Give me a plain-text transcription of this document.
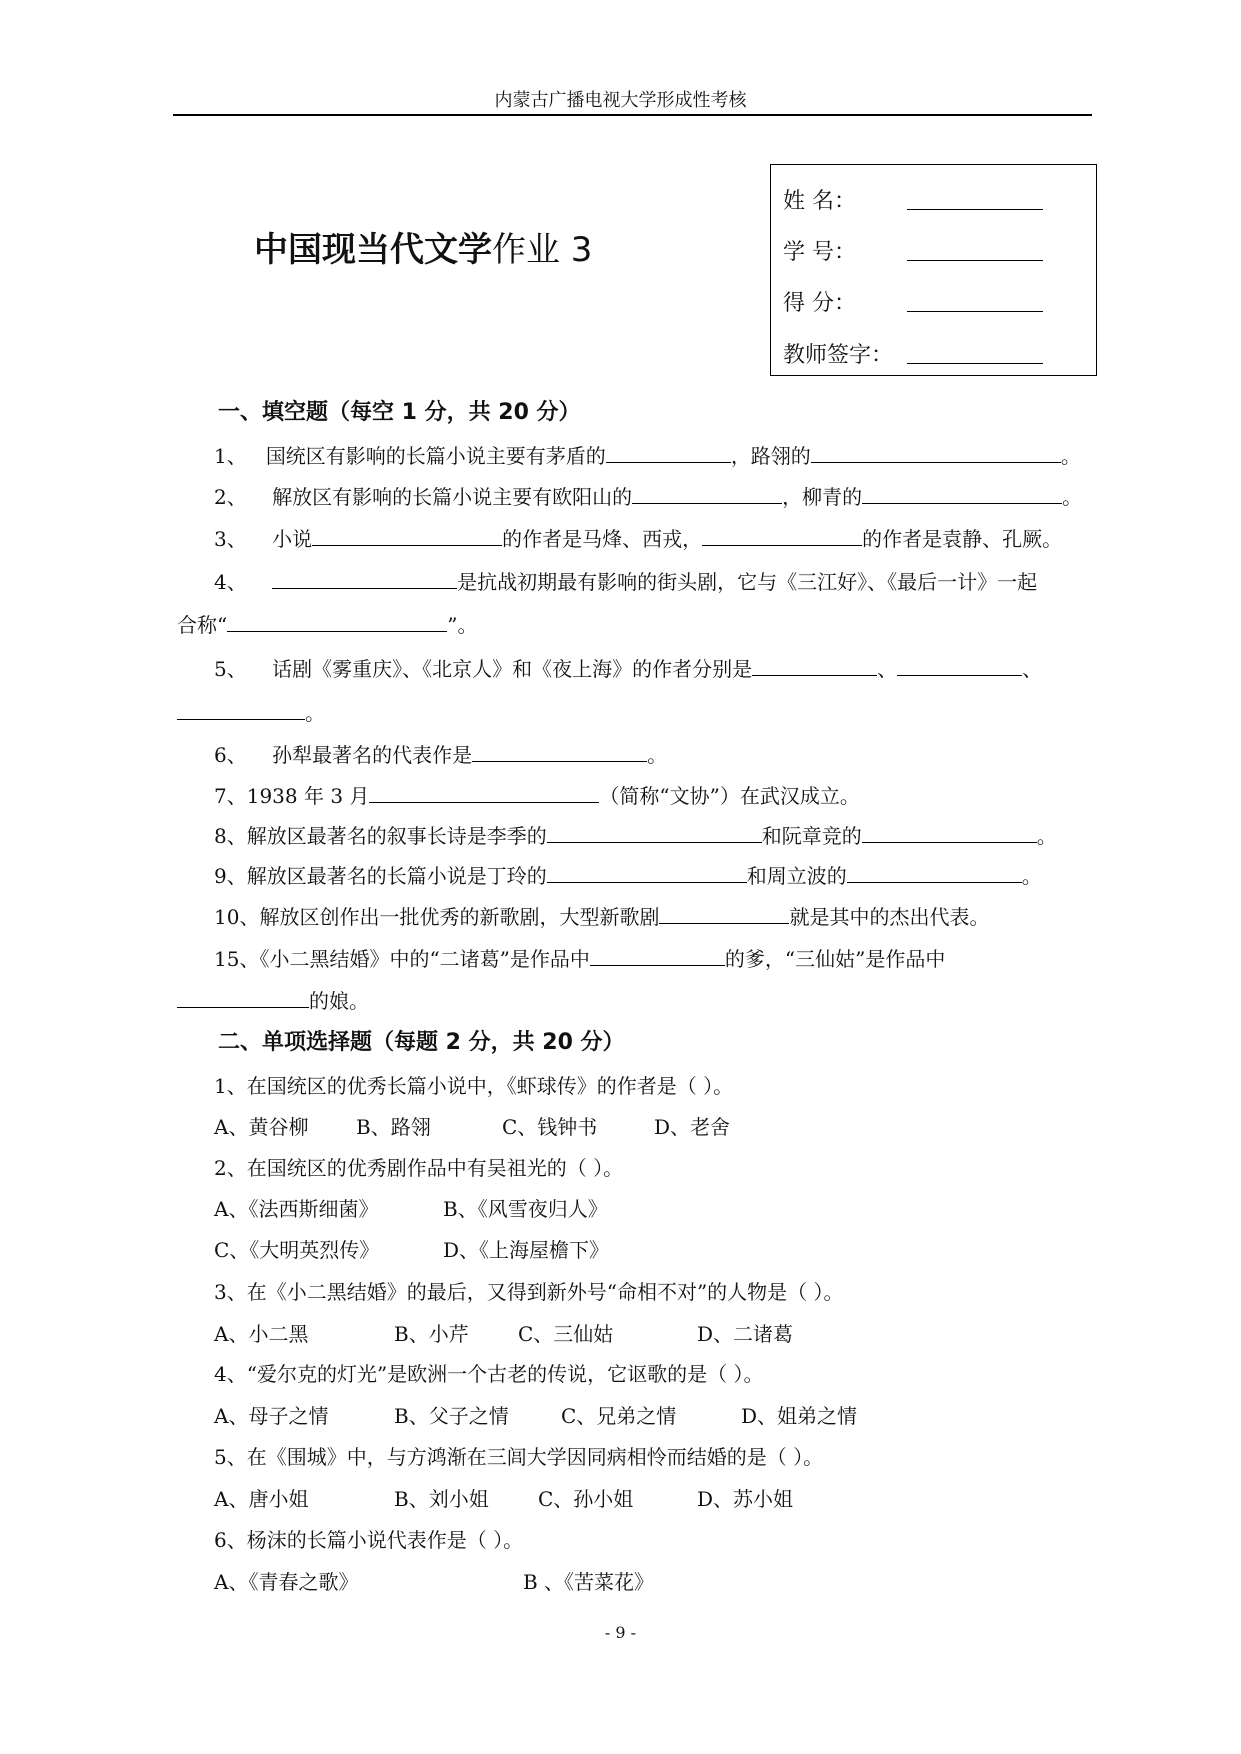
内蒙古广播电视大学形成性考核
中国现当代文学作业 3
姓 名：
学 号：
得 分：
教师签字：
一、填空题（每空 1 分，共 20 分）
1、 国统区有影响的长篇小说主要有茅盾的	，路翎的	。
2、 解放区有影响的长篇小说主要有欧阳山的	，柳青的	。
3、 小说	的作者是马烽、西戎，	的作者是袁静、孔厥。
4、	是抗战初期最有影响的街头剧，它与《三江好》、《最后一计》一起
合称“	”。
5、 话剧《雾重庆》、《北京人》和《夜上海》的作者分别是	、	、
。
6、 孙犁最著名的代表作是	。
7、1938 年 3 月	（简称“文协”）在武汉成立。
8、解放区最著名的叙事长诗是李季的	和阮章竞的	。
9、解放区最著名的长篇小说是丁玲的	和周立波的	。
10、解放区创作出一批优秀的新歌剧，大型新歌剧	就是其中的杰出代表。
15、《小二黑结婚》中的“二诸葛”是作品中	的爹，“三仙姑”是作品中
的娘。
二、单项选择题（每题 2 分，共 20 分）
1、在国统区的优秀长篇小说中，《虾球传》的作者是（ ）。
A、黄谷柳 B、路翎	C、钱钟书	D、老舍
2、在国统区的优秀剧作品中有吴祖光的（ ）。
A、《法西斯细菌》	B、《风雪夜归人》
C、《大明英烈传》	D、《上海屋檐下》
3、在《小二黑结婚》的最后，又得到新外号“命相不对”的人物是（ ）。
A、小二黑	B、小芹 C、三仙姑	D、二诸葛
4、“爱尔克的灯光”是欧洲一个古老的传说，它讴歌的是（ ）。
A、母子之情	B、父子之情	C、兄弟之情	D、姐弟之情
5、在《围城》中，与方鸿渐在三闾大学因同病相怜而结婚的是（ ）。
A、唐小姐	B、刘小姐 C、孙小姐	D、苏小姐
6、杨沫的长篇小说代表作是（ ）。
A、《青春之歌》	B 、《苦菜花》
- 9 -
